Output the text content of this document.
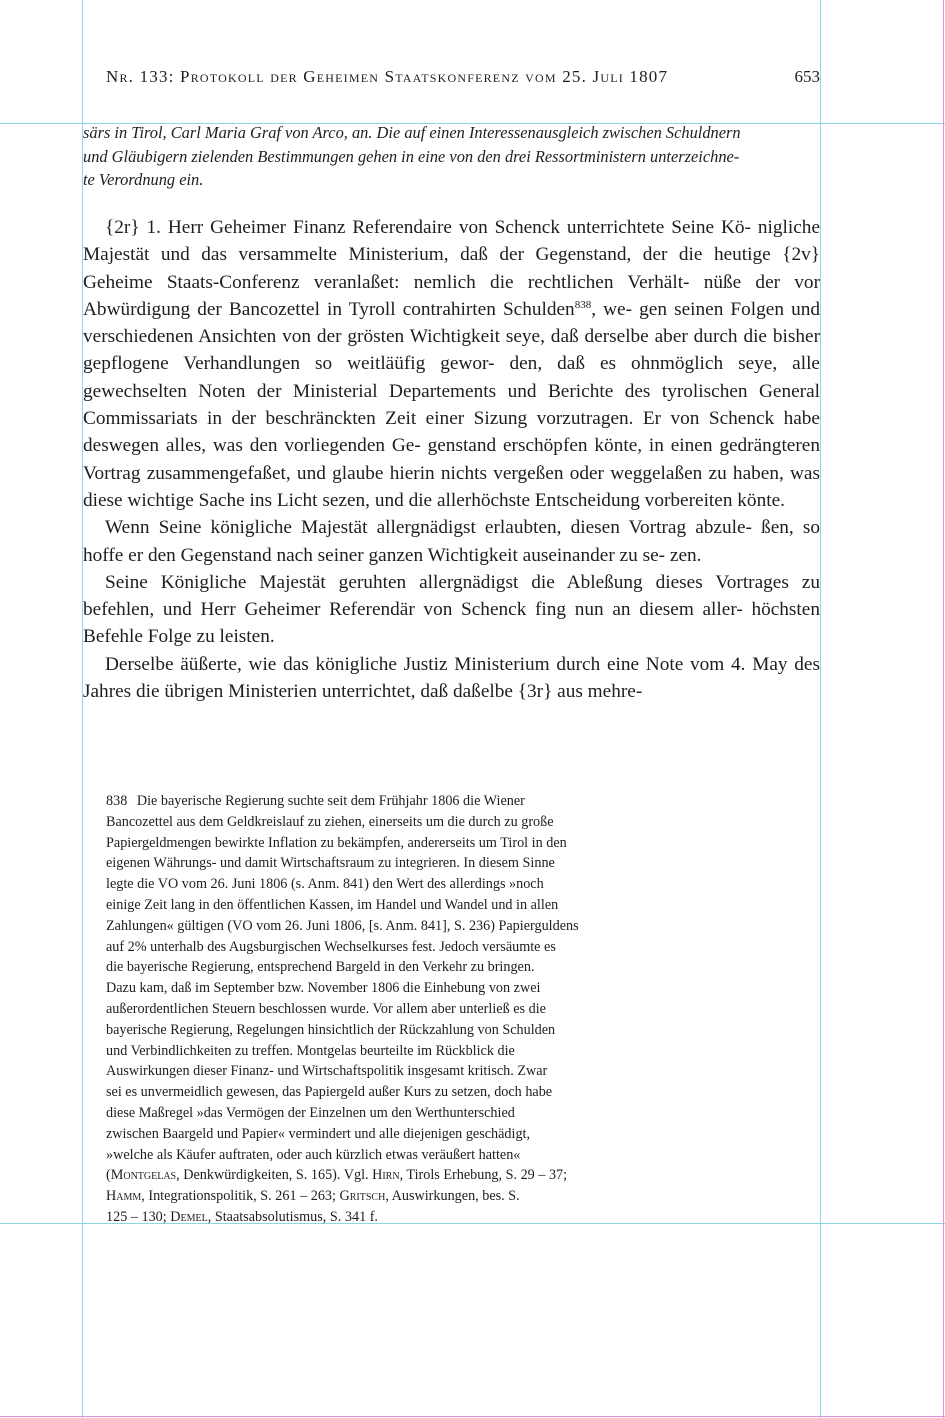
Nr. 133: Protokoll der Geheimen Staatskonferenz vom 25. Juli 1807	653

särs in Tirol, Carl Maria Graf von Arco, an. Die auf einen Interessenausgleich zwischen Schuldnern

und Gläubigern zielenden Bestimmungen gehen in eine von den drei Ressortministern unterzeichne-

te Verordnung ein.

{2r} 1. Herr Geheimer Finanz Referendaire von Schenck unterrichtete Seine Kö- nigliche Majestät und das versammelte Ministerium, daß der Gegenstand, der die heutige {2v} Geheime Staats-Conferenz veranlaßet: nemlich die rechtlichen Verhält- nüße der vor Abwürdigung der Bancozettel in Tyroll contrahirten Schulden$^{838}$, we- gen seinen Folgen und verschiedenen Ansichten von der grösten Wichtigkeit seye, daß derselbe aber durch die bisher gepflogene Verhandlungen so weitläüfig gewor- den, daß es ohnmöglich seye, alle gewechselten Noten der Ministerial Departements und Berichte des tyrolischen General Commissariats in der beschränckten Zeit einer Sizung vorzutragen. Er von Schenck habe deswegen alles, was den vorliegenden Ge- genstand erschöpfen könte, in einen gedrängteren Vortrag zusammengefaßet, und glaube hierin nichts vergeßen oder weggelaßen zu haben, was diese wichtige Sache ins Licht sezen, und die allerhöchste Entscheidung vorbereiten könte.

Wenn Seine königliche Majestät allergnädigst erlaubten, diesen Vortrag abzule- ßen, so hoffe er den Gegenstand nach seiner ganzen Wichtigkeit auseinander zu se- zen.

Seine Königliche Majestät geruhten allergnädigst die Ableßung dieses Vortrages zu befehlen, und Herr Geheimer Referendär von Schenck fing nun an diesem aller- höchsten Befehle Folge zu leisten.

Derselbe äüßerte, wie das königliche Justiz Ministerium durch eine Note vom 4. May des Jahres die übrigen Ministerien unterrichtet, daß daßelbe {3r} aus mehre-

838 Die bayerische Regierung suchte seit dem Frühjahr 1806 die Wiener
Bancozettel aus dem Geldkreislauf zu ziehen, einerseits um die durch zu große
Papiergeldmengen bewirkte Inflation zu bekämpfen, andererseits um Tirol in den
eigenen Währungs- und damit Wirtschaftsraum zu integrieren. In diesem Sinne
legte die VO vom 26. Juni 1806 (s. Anm. 841) den Wert des allerdings »noch
einige Zeit lang in den öffentlichen Kassen, im Handel und Wandel und in allen
Zahlungen« gültigen (VO vom 26. Juni 1806, [s. Anm. 841], S. 236) Papierguldens
auf 2% unterhalb des Augsburgischen Wechselkurses fest. Jedoch versäumte es
die bayerische Regierung, entsprechend Bargeld in den Verkehr zu bringen.
Dazu kam, daß im September bzw. November 1806 die Einhebung von zwei
außerordentlichen Steuern beschlossen wurde. Vor allem aber unterließ es die
bayerische Regierung, Regelungen hinsichtlich der Rückzahlung von Schulden
und Verbindlichkeiten zu treffen. Montgelas beurteilte im Rückblick die
Auswirkungen dieser Finanz- und Wirtschaftspolitik insgesamt kritisch. Zwar
sei es unvermeidlich gewesen, das Papiergeld außer Kurs zu setzen, doch habe
diese Maßregel »das Vermögen der Einzelnen um den Werthunterschied
zwischen Baargeld und Papier« vermindert und alle diejenigen geschädigt,
»welche als Käufer auftraten, oder auch kürzlich etwas veräußert hatten«
(Montgelas, Denkwürdigkeiten, S. 165). Vgl. Hirn, Tirols Erhebung, S. 29 – 37;
Hamm, Integrationspolitik, S. 261 – 263; Gritsch, Auswirkungen, bes. S.
125 – 130; Demel, Staatsabsolutismus, S. 341 f.
